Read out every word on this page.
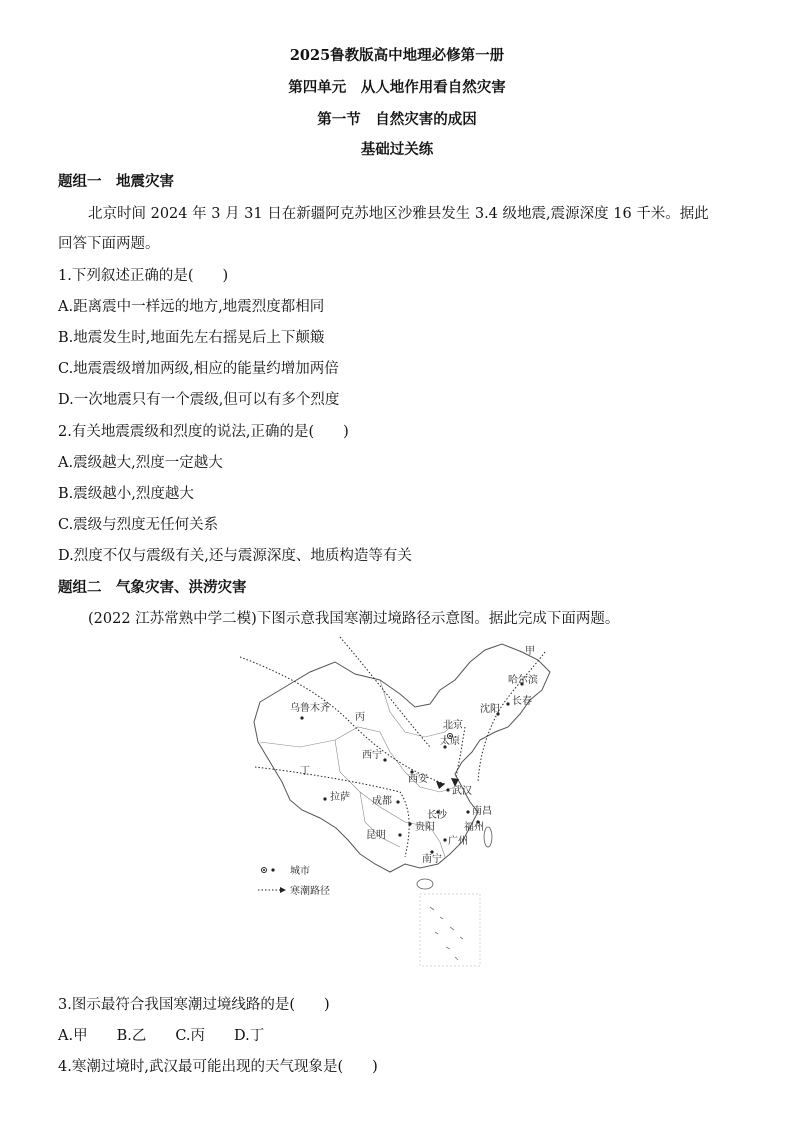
2025鲁教版高中地理必修第一册
第四单元　从人地作用看自然灾害
第一节　自然灾害的成因
基础过关练
题组一　地震灾害
北京时间 2024 年 3 月 31 日在新疆阿克苏地区沙雅县发生 3.4 级地震,震源深度 16 千米。据此
回答下面两题。
1.下列叙述正确的是(　　)
A.距离震中一样远的地方,地震烈度都相同
B.地震发生时,地面先左右摇晃后上下颠簸
C.地震震级增加两级,相应的能量约增加两倍
D.一次地震只有一个震级,但可以有多个烈度
2.有关地震震级和烈度的说法,正确的是(　　)
A.震级越大,烈度一定越大
B.震级越小,烈度越大
C.震级与烈度无任何关系
D.烈度不仅与震级有关,还与震源深度、地质构造等有关
题组二　气象灾害、洪涝灾害
(2022 江苏常熟中学二模)下图示意我国寒潮过境路径示意图。据此完成下面两题。
甲
丙
丁
乌鲁木齐
北京
哈尔滨
长春
沈阳
太原
西宁
西安
拉萨 成都
武汉
长沙	南昌
贵阳	福州
昆明
广州
南宁
城市
寒潮路径
3.图示最符合我国寒潮过境线路的是(　　)
A.甲　　B.乙　　C.丙　　D.丁
4.寒潮过境时,武汉最可能出现的天气现象是(　　)
